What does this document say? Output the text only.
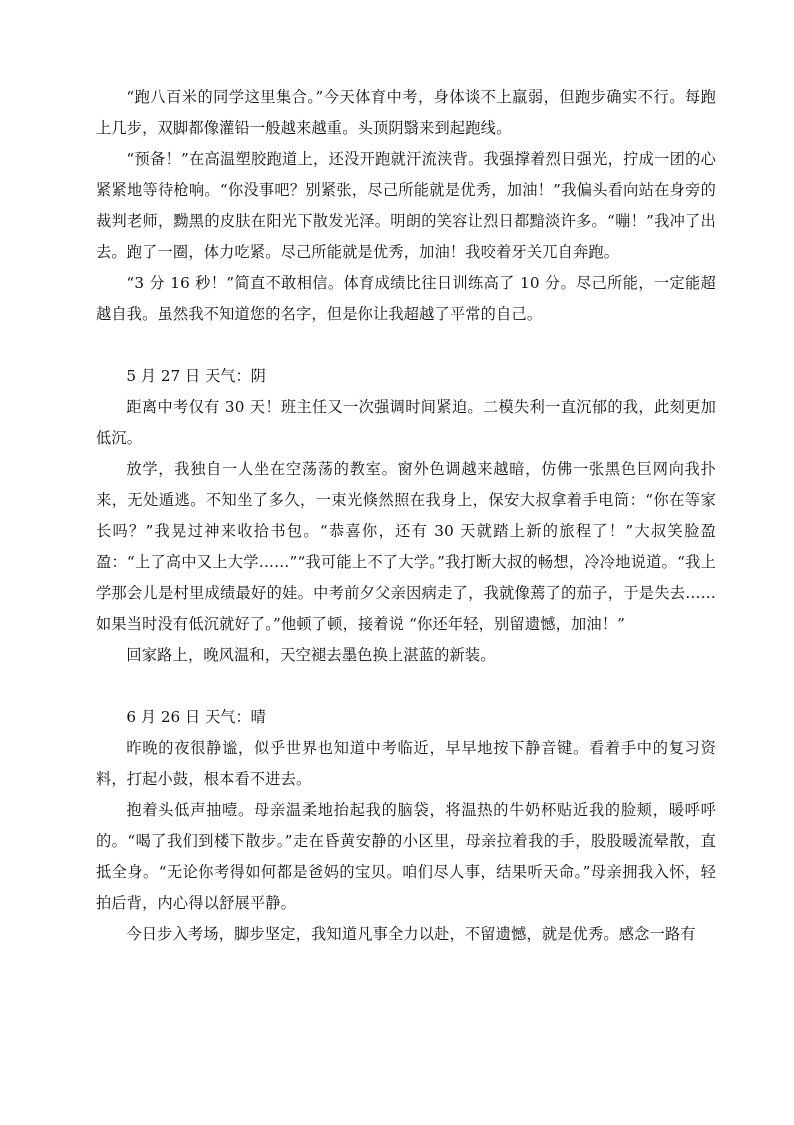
“跑八百米的同学这里集合。”今天体育中考，身体谈不上羸弱，但跑步确实不行。每跑上几步，双脚都像灌铅一般越来越重。头顶阴翳来到起跑线。

“预备！”在高温塑胶跑道上，还没开跑就汗流浃背。我强撑着烈日强光，拧成一团的心紧紧地等待枪响。“你没事吧？别紧张，尽己所能就是优秀，加油！”我偏头看向站在身旁的裁判老师，黝黑的皮肤在阳光下散发光泽。明朗的笑容让烈日都黯淡许多。“嘣！”我冲了出去。跑了一圈，体力吃紧。尽己所能就是优秀，加油！我咬着牙关兀自奔跑。

“3 分 16 秒！”简直不敢相信。体育成绩比往日训练高了 10 分。尽己所能，一定能超越自我。虽然我不知道您的名字，但是你让我超越了平常的自己。

5 月 27 日 天气：阴

距离中考仅有 30 天！班主任又一次强调时间紧迫。二模失利一直沉郁的我，此刻更加低沉。

放学，我独自一人坐在空荡荡的教室。窗外色调越来越暗，仿佛一张黑色巨网向我扑来，无处遁逃。不知坐了多久，一束光倏然照在我身上，保安大叔拿着手电筒：“你在等家长吗？”我晃过神来收拾书包。“恭喜你，还有 30 天就踏上新的旅程了！”大叔笑脸盈盈：“上了高中又上大学……”“我可能上不了大学。”我打断大叔的畅想，冷冷地说道。“我上学那会儿是村里成绩最好的娃。中考前夕父亲因病走了，我就像蔫了的茄子，于是失去……如果当时没有低沉就好了。”他顿了顿，接着说 “你还年轻，别留遗憾，加油！”

回家路上，晚风温和，天空褪去墨色换上湛蓝的新装。

6 月 26 日 天气：晴

昨晚的夜很静谧，似乎世界也知道中考临近，早早地按下静音键。看着手中的复习资料，打起小鼓，根本看不进去。

抱着头低声抽噎。母亲温柔地抬起我的脑袋，将温热的牛奶杯贴近我的脸颊，暖呼呼的。“喝了我们到楼下散步。”走在昏黄安静的小区里，母亲拉着我的手，股股暖流晕散，直抵全身。“无论你考得如何都是爸妈的宝贝。咱们尽人事，结果听天命。”母亲拥我入怀，轻拍后背，内心得以舒展平静。

今日步入考场，脚步坚定，我知道凡事全力以赴，不留遗憾，就是优秀。感念一路有
